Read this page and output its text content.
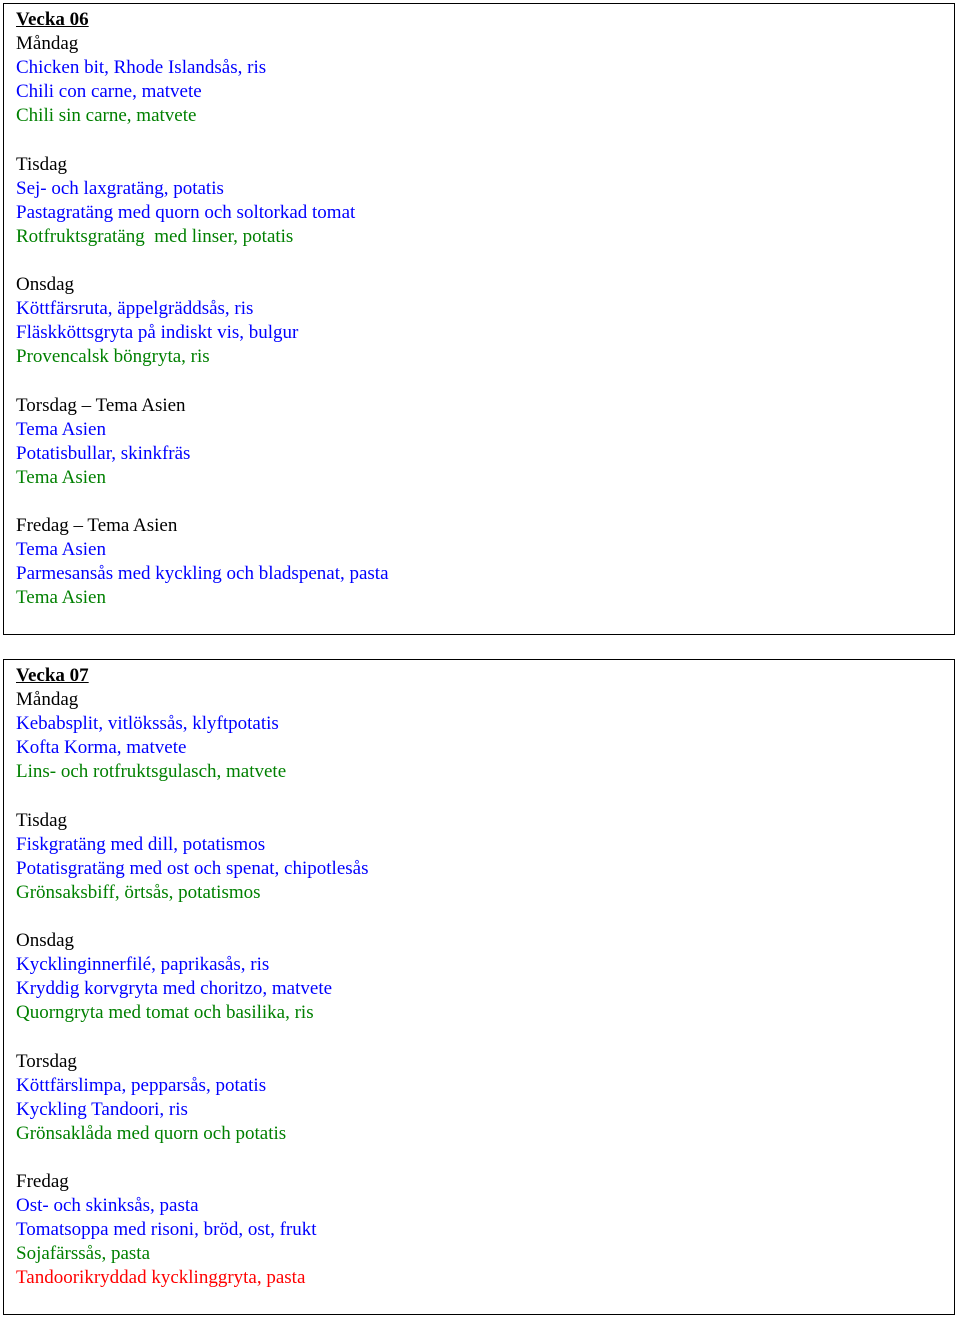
Vecka 06
Måndag
Chicken bit, Rhode Islandsås, ris
Chili con carne, matvete
Chili sin carne, matvete
Tisdag
Sej- och laxgratäng, potatis
Pastagratäng med quorn och soltorkad tomat
Rotfruktsgratäng  med linser, potatis
Onsdag
Köttfärsruta, äppelgräddsås, ris
Fläskköttsgryta på indiskt vis, bulgur
Provencalsk böngryta, ris
Torsdag – Tema Asien
Tema Asien
Potatisbullar, skinkfräs
Tema Asien
Fredag – Tema Asien
Tema Asien
Parmesansås med kyckling och bladspenat, pasta
Tema Asien
Vecka 07
Måndag
Kebabsplit, vitlökssås, klyftpotatis
Kofta Korma, matvete
Lins- och rotfruktsgulasch, matvete
Tisdag
Fiskgratäng med dill, potatismos
Potatisgratäng med ost och spenat, chipotlesås
Grönsaksbiff, örtsås, potatismos
Onsdag
Kycklinginnerfilé, paprikasås, ris
Kryddig korvgryta med choritzo, matvete
Quorngryta med tomat och basilika, ris
Torsdag
Köttfärslimpa, pepparsås, potatis
Kyckling Tandoori, ris
Grönsaklåda med quorn och potatis
Fredag
Ost- och skinksås, pasta
Tomatsoppa med risoni, bröd, ost, frukt
Sojafärssås, pasta
Tandoorikryddad kycklinggryta, pasta
